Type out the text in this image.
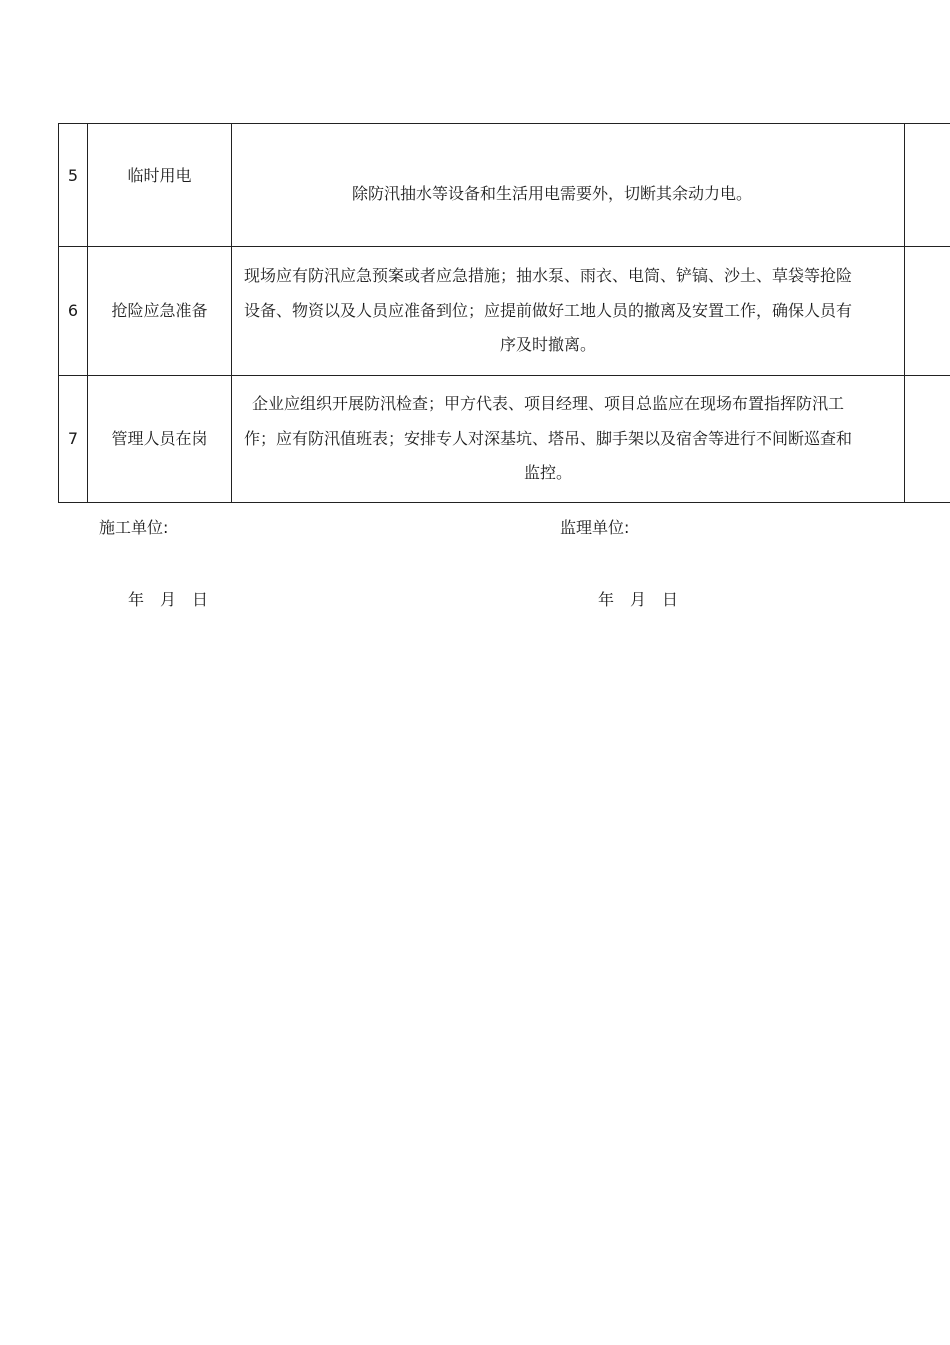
5	临时用电	除防汛抽水等设备和生活用电需要外，切断其余动力电。	

6	抢险应急准备	现场应有防汛应急预案或者应急措施；抽水泵、雨衣、电筒、铲镐、沙土、草袋等抢险设备、物资以及人员应准备到位；应提前做好工地人员的撤离及安置工作，确保人员有序及时撤离。	

7	管理人员在岗	企业应组织开展防汛检查；甲方代表、项目经理、项目总监应在现场布置指挥防汛工作；应有防汛值班表；安排专人对深基坑、塔吊、脚手架以及宿舍等进行不间断巡查和监控。	

施工单位:	监理单位:
年 月 日	年 月 日
